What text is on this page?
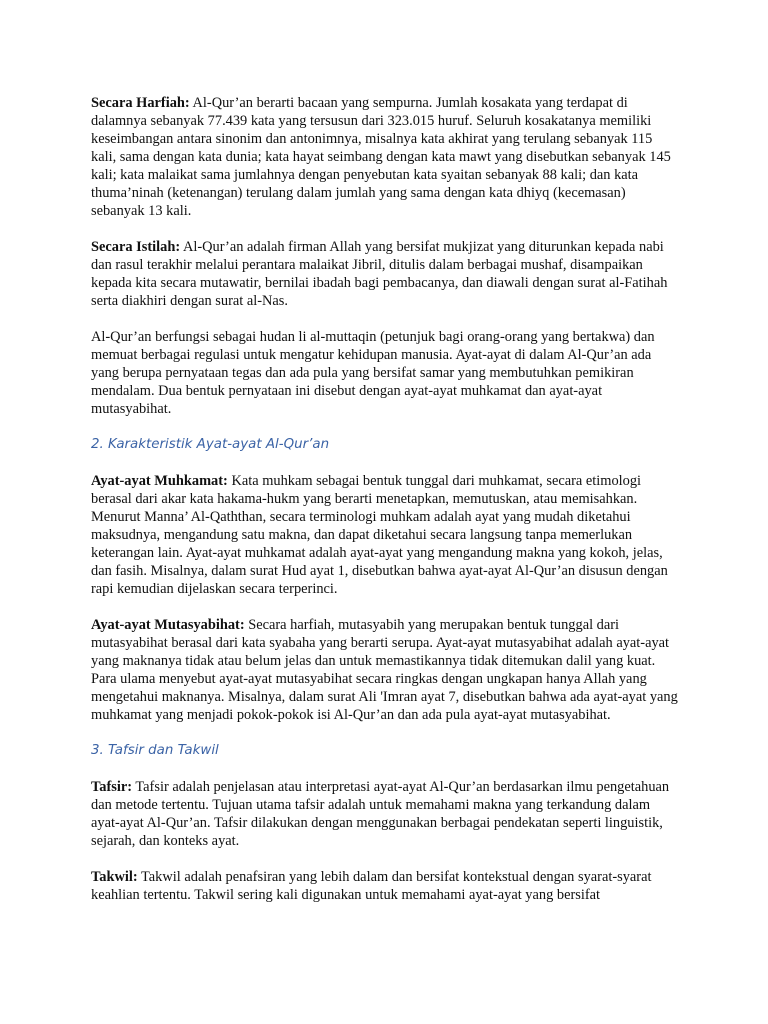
Secara Harfiah: Al-Qur’an berarti bacaan yang sempurna. Jumlah kosakata yang terdapat di dalamnya sebanyak 77.439 kata yang tersusun dari 323.015 huruf. Seluruh kosakatanya memiliki keseimbangan antara sinonim dan antonimnya, misalnya kata akhirat yang terulang sebanyak 115 kali, sama dengan kata dunia; kata hayat seimbang dengan kata mawt yang disebutkan sebanyak 145 kali; kata malaikat sama jumlahnya dengan penyebutan kata syaitan sebanyak 88 kali; dan kata thuma’ninah (ketenangan) terulang dalam jumlah yang sama dengan kata dhiyq (kecemasan) sebanyak 13 kali.

Secara Istilah: Al-Qur’an adalah firman Allah yang bersifat mukjizat yang diturunkan kepada nabi dan rasul terakhir melalui perantara malaikat Jibril, ditulis dalam berbagai mushaf, disampaikan kepada kita secara mutawatir, bernilai ibadah bagi pembacanya, dan diawali dengan surat al-Fatihah serta diakhiri dengan surat al-Nas.

Al-Qur’an berfungsi sebagai hudan li al-muttaqin (petunjuk bagi orang-orang yang bertakwa) dan memuat berbagai regulasi untuk mengatur kehidupan manusia. Ayat-ayat di dalam Al-Qur’an ada yang berupa pernyataan tegas dan ada pula yang bersifat samar yang membutuhkan pemikiran mendalam. Dua bentuk pernyataan ini disebut dengan ayat-ayat muhkamat dan ayat-ayat mutasyabihat.

2. Karakteristik Ayat-ayat Al-Qur’an

Ayat-ayat Muhkamat: Kata muhkam sebagai bentuk tunggal dari muhkamat, secara etimologi berasal dari akar kata hakama-hukm yang berarti menetapkan, memutuskan, atau memisahkan. Menurut Manna’ Al-Qaththan, secara terminologi muhkam adalah ayat yang mudah diketahui maksudnya, mengandung satu makna, dan dapat diketahui secara langsung tanpa memerlukan keterangan lain. Ayat-ayat muhkamat adalah ayat-ayat yang mengandung makna yang kokoh, jelas, dan fasih. Misalnya, dalam surat Hud ayat 1, disebutkan bahwa ayat-ayat Al-Qur’an disusun dengan rapi kemudian dijelaskan secara terperinci.

Ayat-ayat Mutasyabihat: Secara harfiah, mutasyabih yang merupakan bentuk tunggal dari mutasyabihat berasal dari kata syabaha yang berarti serupa. Ayat-ayat mutasyabihat adalah ayat-ayat yang maknanya tidak atau belum jelas dan untuk memastikannya tidak ditemukan dalil yang kuat. Para ulama menyebut ayat-ayat mutasyabihat secara ringkas dengan ungkapan hanya Allah yang mengetahui maknanya. Misalnya, dalam surat Ali 'Imran ayat 7, disebutkan bahwa ada ayat-ayat yang muhkamat yang menjadi pokok-pokok isi Al-Qur’an dan ada pula ayat-ayat mutasyabihat.

3. Tafsir dan Takwil

Tafsir: Tafsir adalah penjelasan atau interpretasi ayat-ayat Al-Qur’an berdasarkan ilmu pengetahuan dan metode tertentu. Tujuan utama tafsir adalah untuk memahami makna yang terkandung dalam ayat-ayat Al-Qur’an. Tafsir dilakukan dengan menggunakan berbagai pendekatan seperti linguistik, sejarah, dan konteks ayat.

Takwil: Takwil adalah penafsiran yang lebih dalam dan bersifat kontekstual dengan syarat-syarat keahlian tertentu. Takwil sering kali digunakan untuk memahami ayat-ayat yang bersifat
